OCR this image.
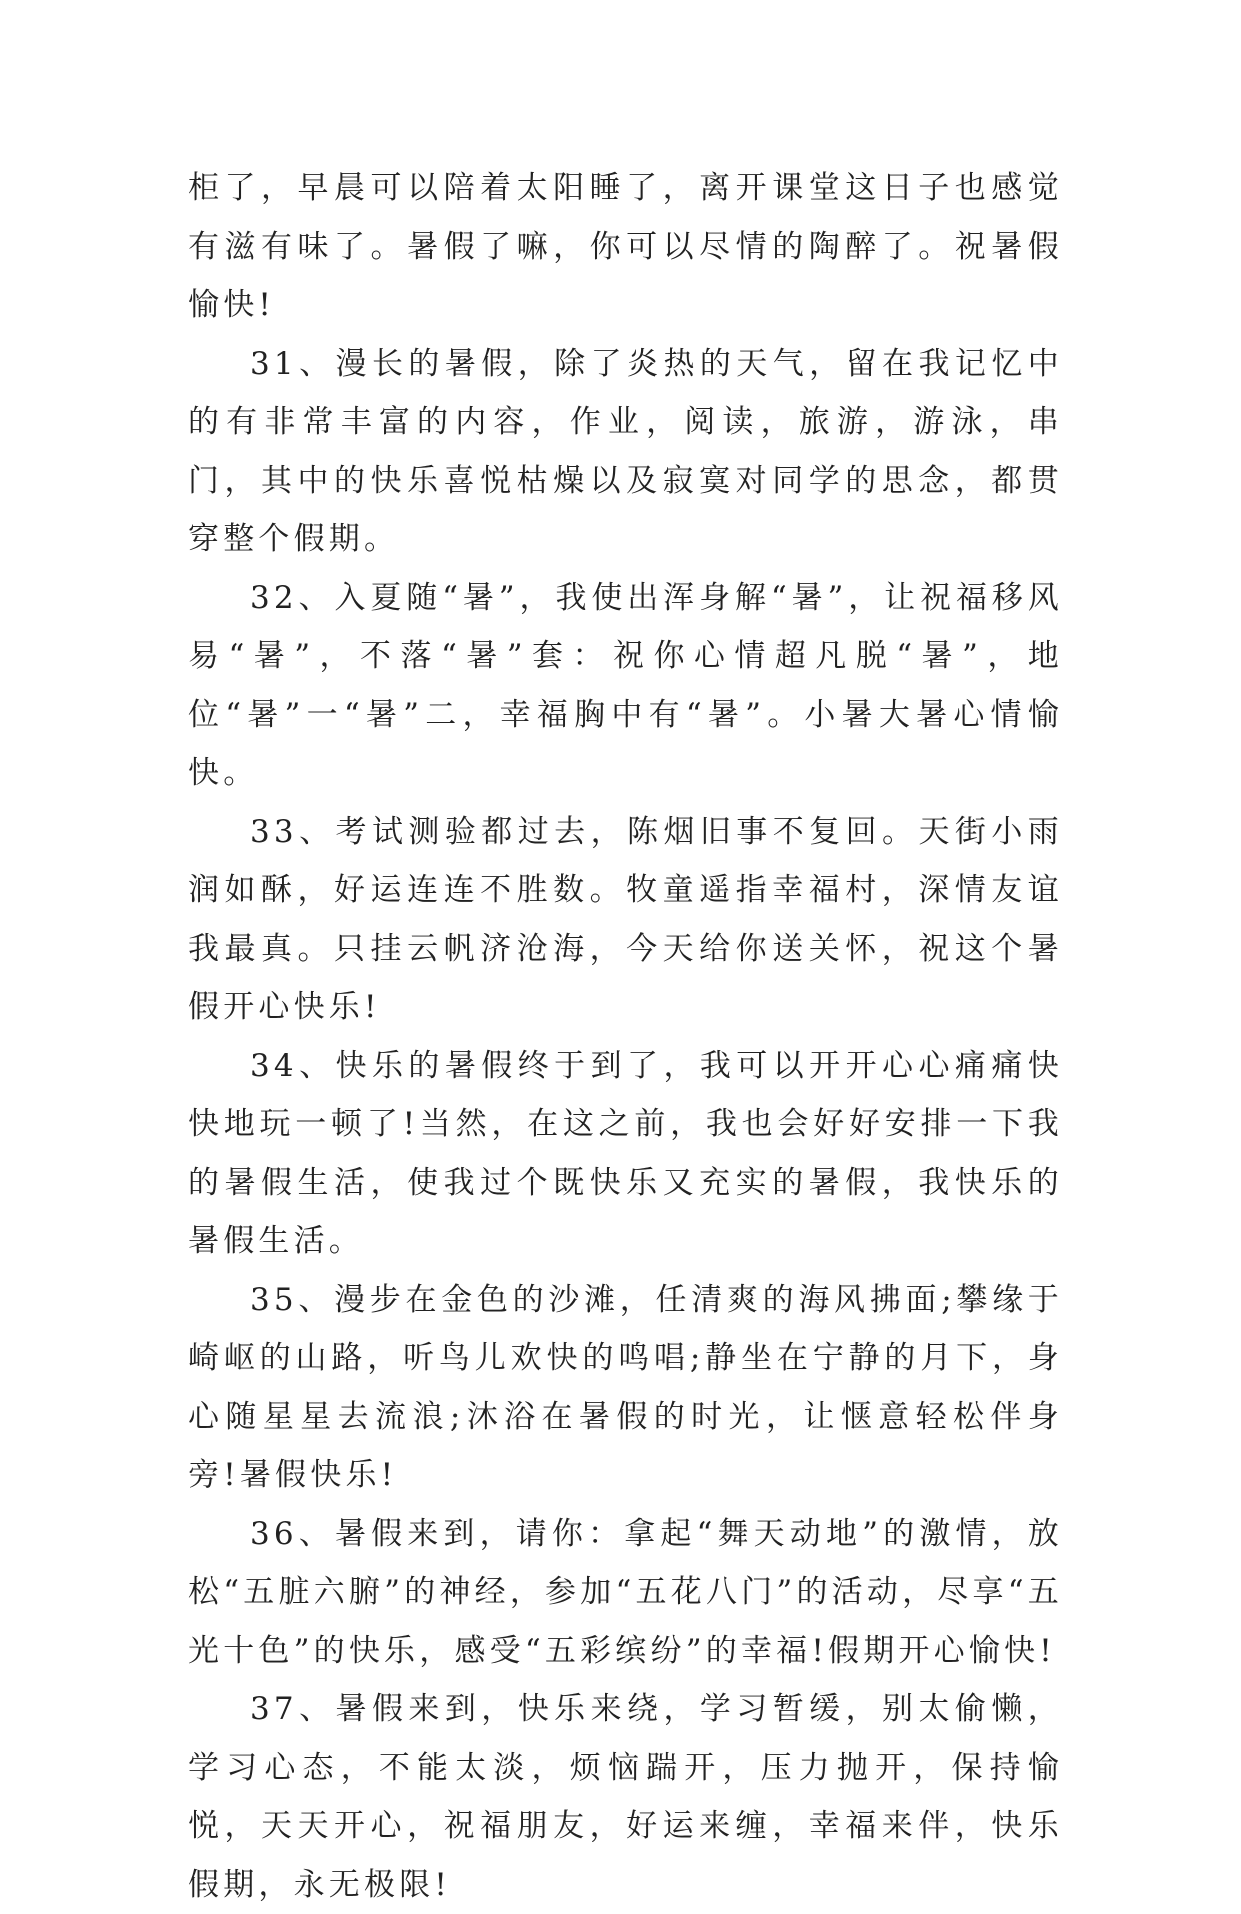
柜了，早晨可以陪着太阳睡了，离开课堂这日子也感觉有滋有味了。暑假了嘛，你可以尽情的陶醉了。祝暑假愉快!

31、漫长的暑假，除了炎热的天气，留在我记忆中的有非常丰富的内容，作业，阅读，旅游，游泳，串门，其中的快乐喜悦枯燥以及寂寞对同学的思念，都贯穿整个假期。

32、入夏随“暑”，我使出浑身解“暑”，让祝福移风易“暑”，不落“暑”套：祝你心情超凡脱“暑”，地位“暑”一“暑”二，幸福胸中有“暑”。小暑大暑心情愉快。

33、考试测验都过去，陈烟旧事不复回。天街小雨润如酥，好运连连不胜数。牧童遥指幸福村，深情友谊我最真。只挂云帆济沧海，今天给你送关怀，祝这个暑假开心快乐!

34、快乐的暑假终于到了，我可以开开心心痛痛快快地玩一顿了!当然，在这之前，我也会好好安排一下我的暑假生活，使我过个既快乐又充实的暑假，我快乐的暑假生活。

35、漫步在金色的沙滩，任清爽的海风拂面;攀缘于崎岖的山路，听鸟儿欢快的鸣唱;静坐在宁静的月下，身心随星星去流浪;沐浴在暑假的时光，让惬意轻松伴身旁!暑假快乐!

36、暑假来到，请你：拿起“舞天动地”的激情，放松“五脏六腑”的神经，参加“五花八门”的活动，尽享“五光十色”的快乐，感受“五彩缤纷”的幸福!假期开心愉快!

37、暑假来到，快乐来绕，学习暂缓，别太偷懒，学习心态，不能太淡，烦恼踹开，压力抛开，保持愉悦，天天开心，祝福朋友，好运来缠，幸福来伴，快乐假期，永无极限!
